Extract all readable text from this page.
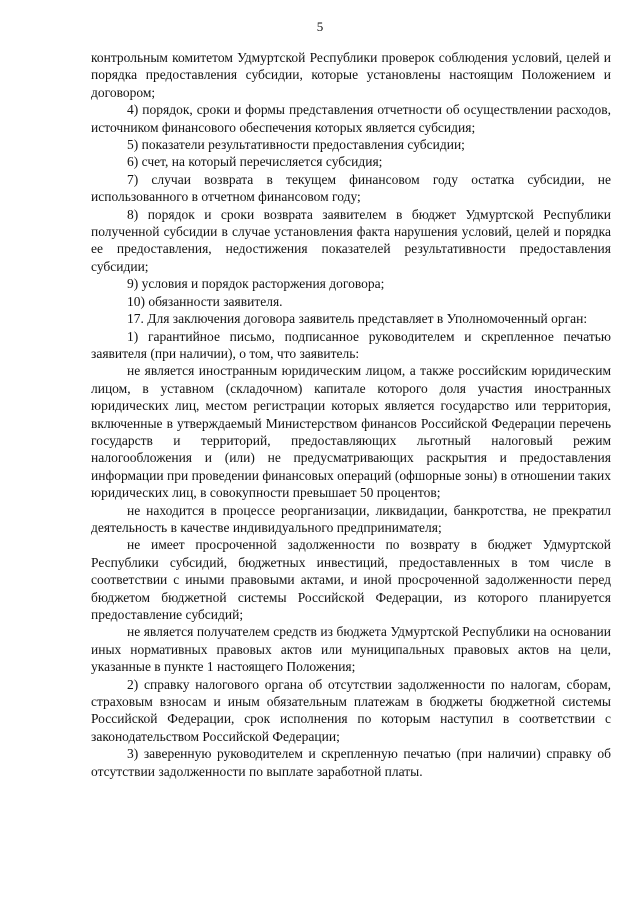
5

контрольным комитетом Удмуртской Республики проверок соблюдения условий, целей и порядка предоставления субсидии, которые установлены настоящим Положением и договором;

4) порядок, сроки и формы представления отчетности об осуществлении расходов, источником финансового обеспечения которых является субсидия;

5) показатели результативности предоставления субсидии;

6) счет, на который перечисляется субсидия;

7) случаи возврата в текущем финансовом году остатка субсидии, не использованного в отчетном финансовом году;

8) порядок и сроки возврата заявителем в бюджет Удмуртской Республики полученной субсидии в случае установления факта нарушения условий, целей и порядка ее предоставления, недостижения показателей результативности предоставления субсидии;

9) условия и порядок расторжения договора;

10) обязанности заявителя.

17. Для заключения договора заявитель представляет в Уполномоченный орган:

1) гарантийное письмо, подписанное руководителем и скрепленное печатью заявителя (при наличии), о том, что заявитель:

не является иностранным юридическим лицом, а также российским юридическим лицом, в уставном (складочном) капитале которого доля участия иностранных юридических лиц, местом регистрации которых является государство или территория, включенные в утверждаемый Министерством финансов Российской Федерации перечень государств и территорий, предоставляющих льготный налоговый режим налогообложения и (или) не предусматривающих раскрытия и предоставления информации при проведении финансовых операций (офшорные зоны) в отношении таких юридических лиц, в совокупности превышает 50 процентов;

не находится в процессе реорганизации, ликвидации, банкротства, не прекратил деятельность в качестве индивидуального предпринимателя;

не имеет просроченной задолженности по возврату в бюджет Удмуртской Республики субсидий, бюджетных инвестиций, предоставленных в том числе в соответствии с иными правовыми актами, и иной просроченной задолженности перед бюджетом бюджетной системы Российской Федерации, из которого планируется предоставление субсидий;

не является получателем средств из бюджета Удмуртской Республики на основании иных нормативных правовых актов или муниципальных правовых актов на цели, указанные в пункте 1 настоящего Положения;

2) справку налогового органа об отсутствии задолженности по налогам, сборам, страховым взносам и иным обязательным платежам в бюджеты бюджетной системы Российской Федерации, срок исполнения по которым наступил в соответствии с законодательством Российской Федерации;

3) заверенную руководителем и скрепленную печатью (при наличии) справку об отсутствии задолженности по выплате заработной платы.
